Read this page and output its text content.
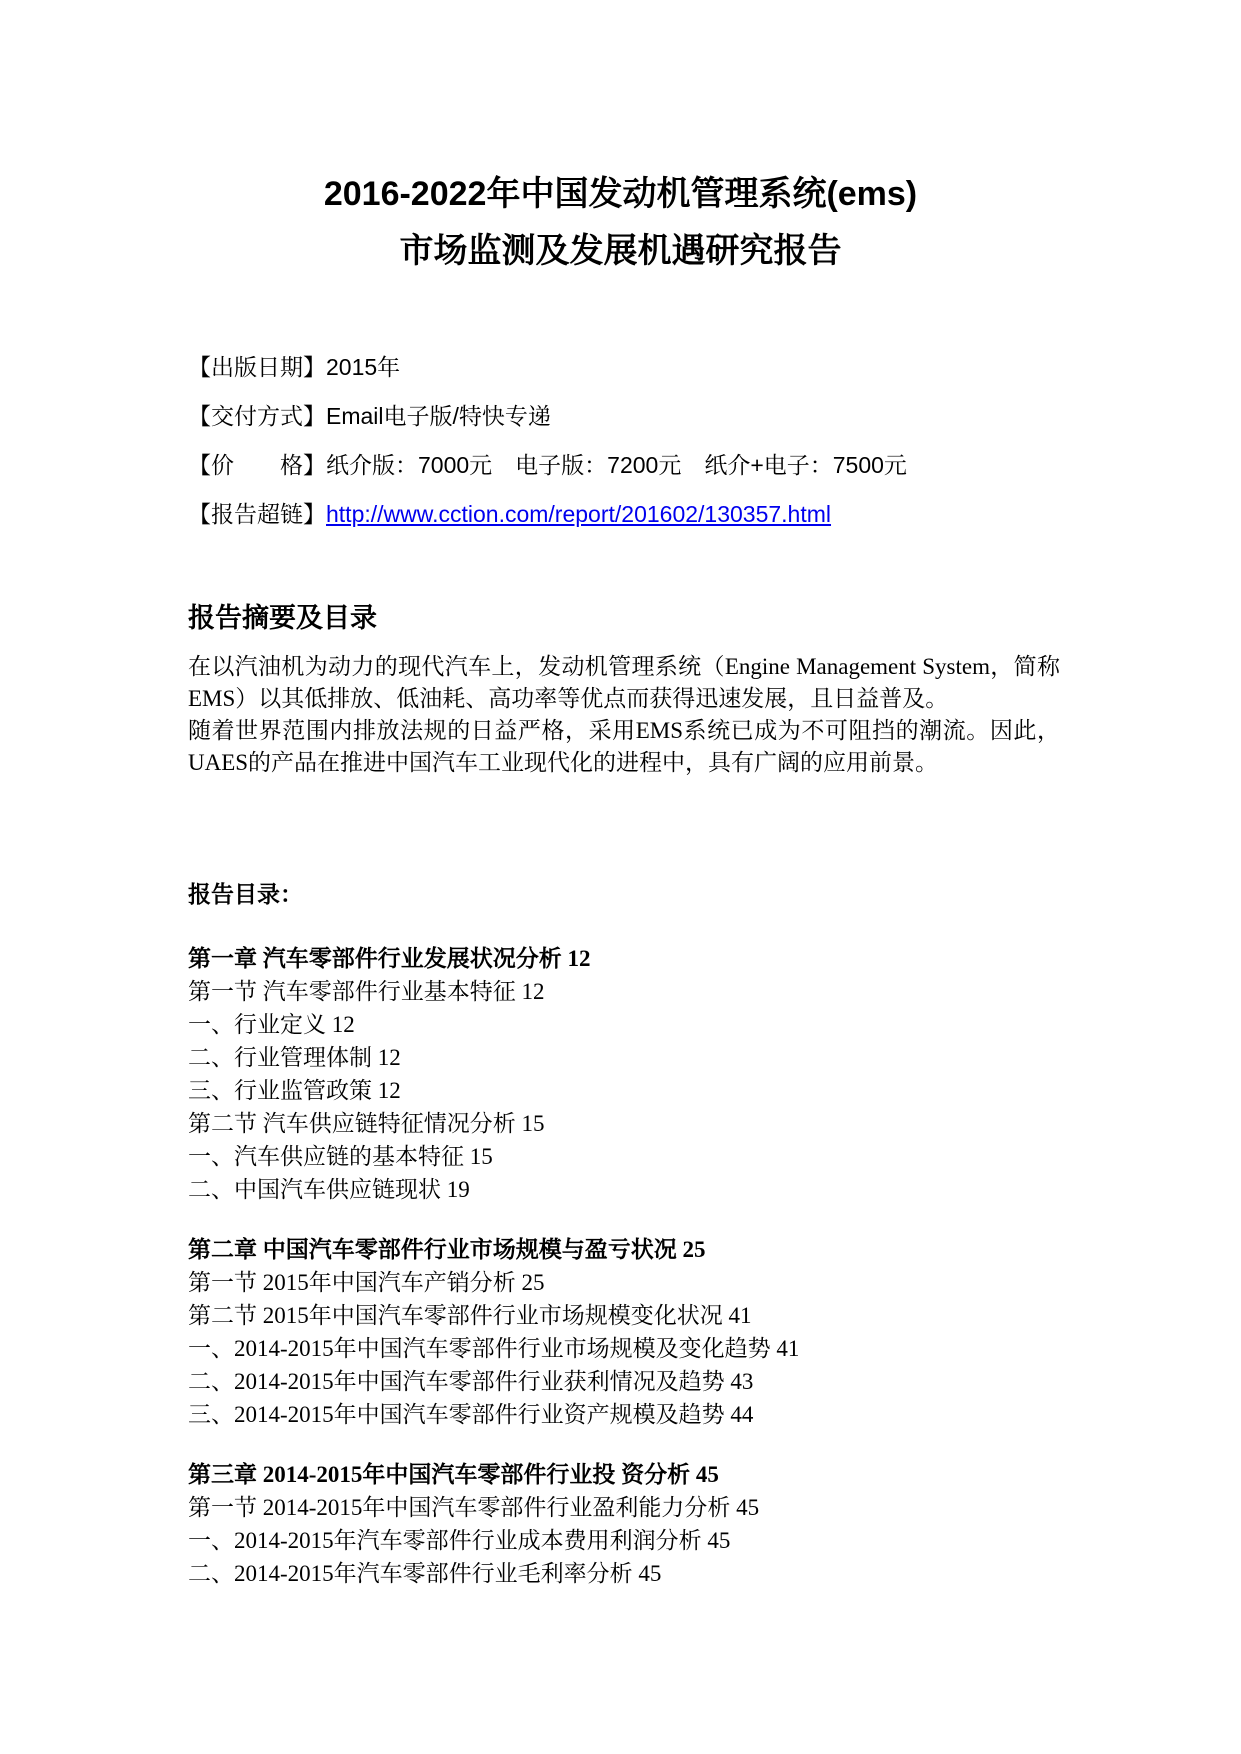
2016-2022年中国发动机管理系统(ems)
市场监测及发展机遇研究报告
【出版日期】2015年
【交付方式】Email电子版/特快专递
【价　　格】纸介版：7000元　电子版：7200元　纸介+电子：7500元
【报告超链】http://www.cction.com/report/201602/130357.html
报告摘要及目录

在以汽油机为动力的现代汽车上，发动机管理系统（Engine Management System，简称EMS）以其低排放、低油耗、高功率等优点而获得迅速发展，且日益普及。

随着世界范围内排放法规的日益严格，采用EMS系统已成为不可阻挡的潮流。因此，UAES的产品在推进中国汽车工业现代化的进程中，具有广阔的应用前景。

报告目录：
第一章 汽车零部件行业发展状况分析 12
第一节 汽车零部件行业基本特征 12
一、行业定义 12
二、行业管理体制 12
三、行业监管政策 12
第二节 汽车供应链特征情况分析 15
一、汽车供应链的基本特征 15
二、中国汽车供应链现状 19
第二章 中国汽车零部件行业市场规模与盈亏状况 25
第一节 2015年中国汽车产销分析 25
第二节 2015年中国汽车零部件行业市场规模变化状况 41
一、2014-2015年中国汽车零部件行业市场规模及变化趋势 41
二、2014-2015年中国汽车零部件行业获利情况及趋势 43
三、2014-2015年中国汽车零部件行业资产规模及趋势 44
第三章 2014-2015年中国汽车零部件行业投 资分析 45
第一节 2014-2015年中国汽车零部件行业盈利能力分析 45
一、2014-2015年汽车零部件行业成本费用利润分析 45
二、2014-2015年汽车零部件行业毛利率分析 45
